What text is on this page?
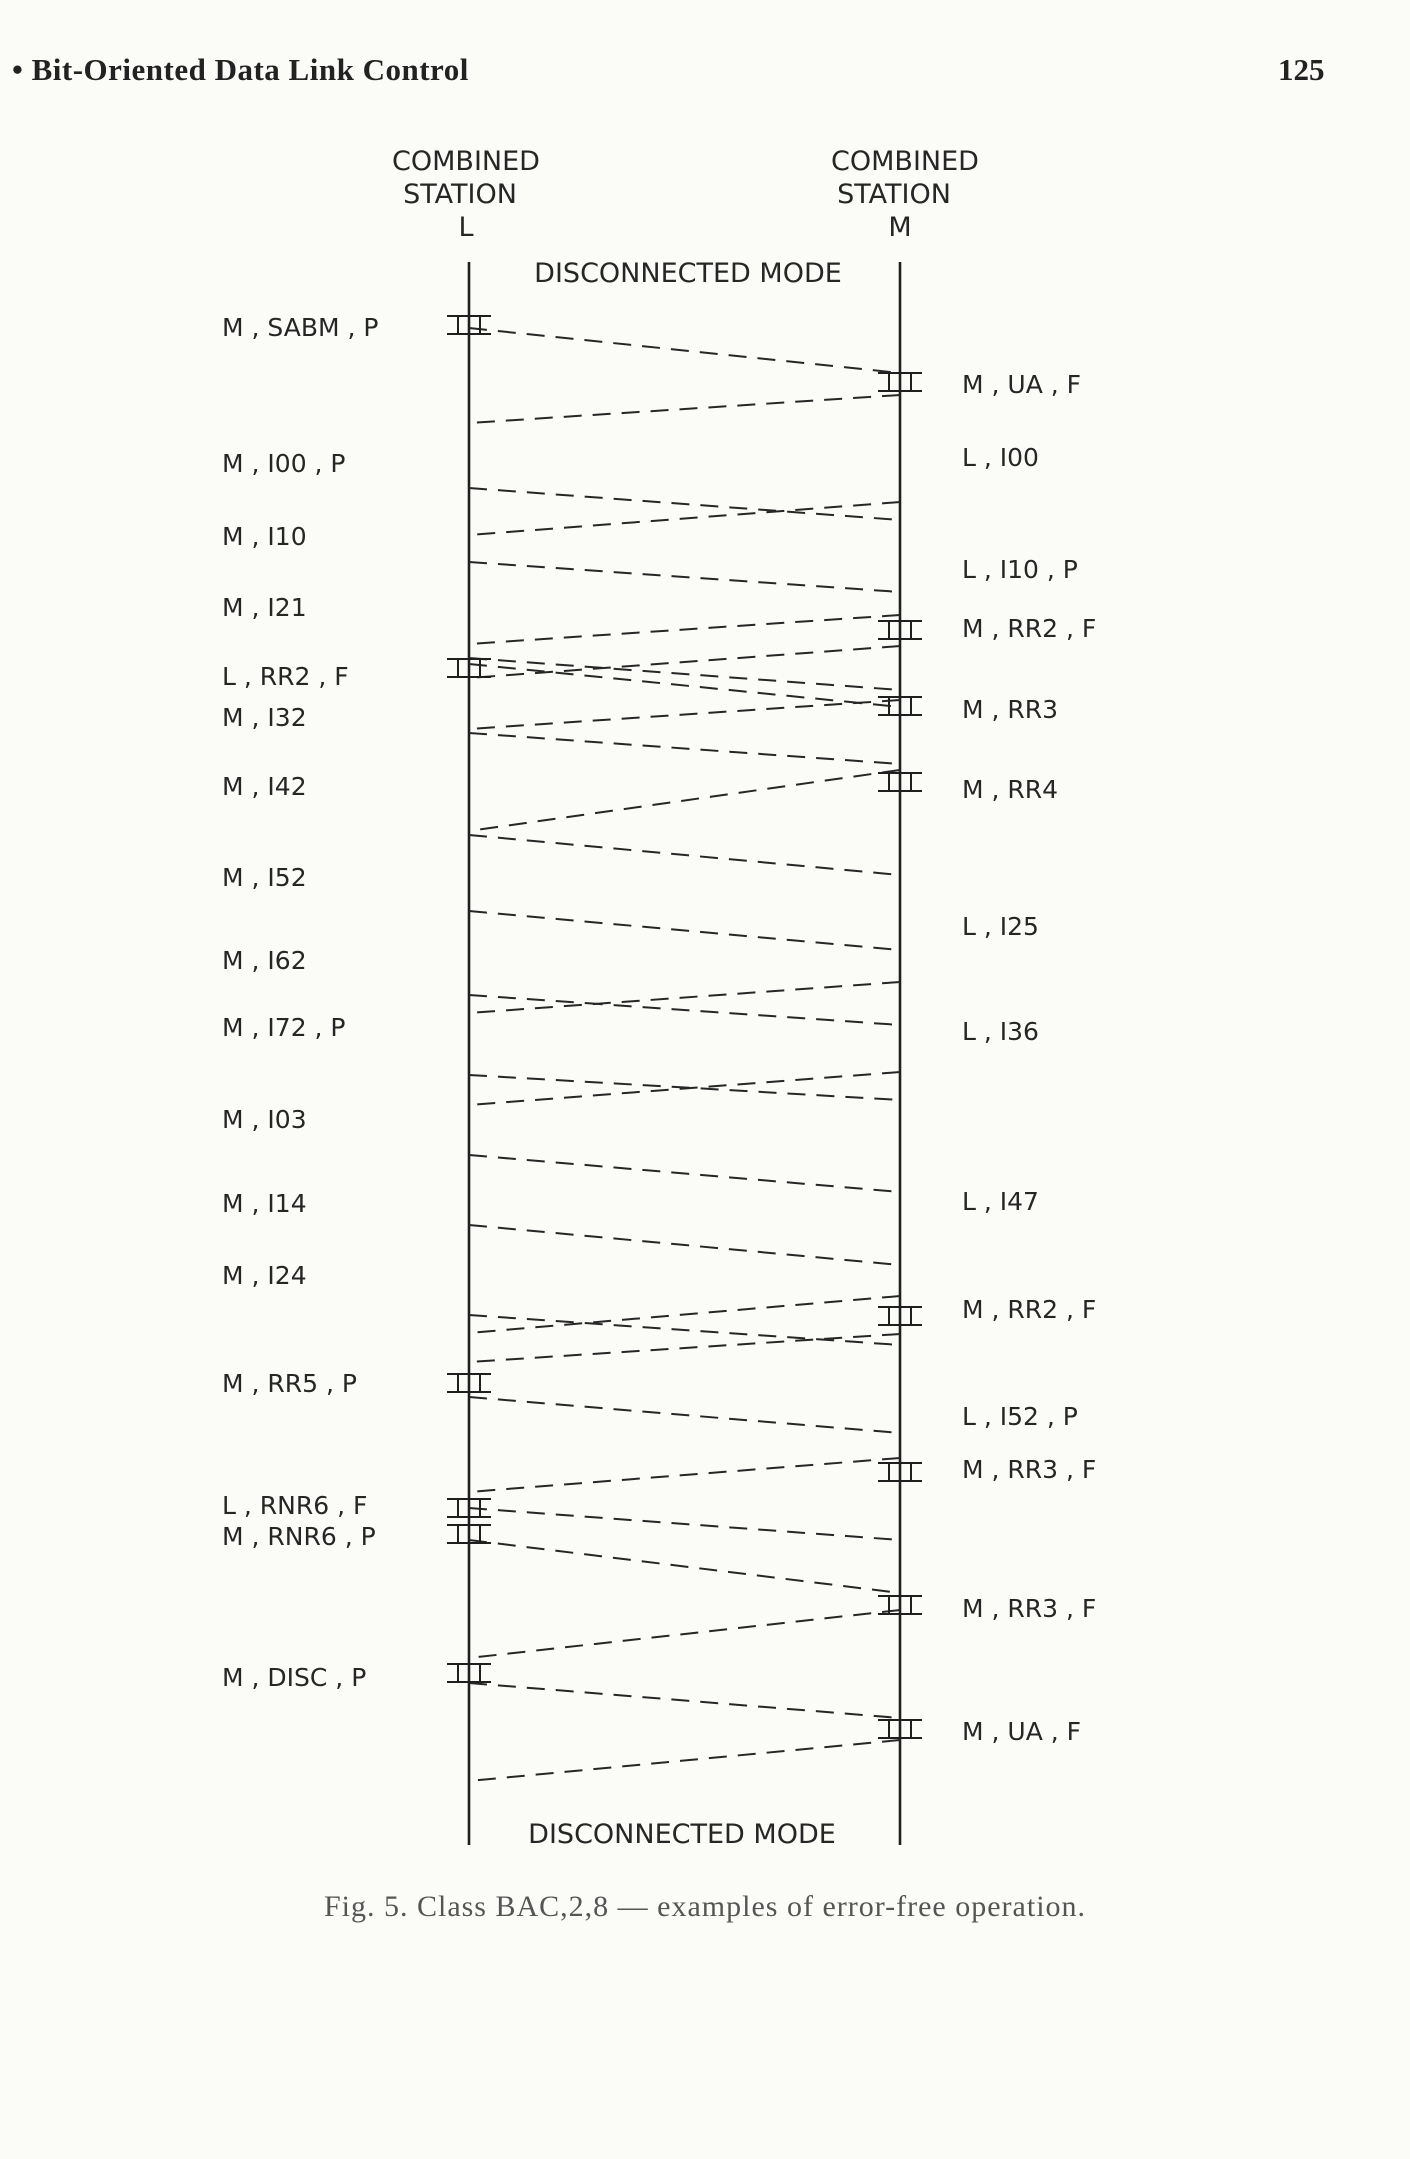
• Bit-Oriented Data Link Control	125
COMBINED
STATION
L
COMBINED
STATION
M
DISCONNECTED MODE
DISCONNECTED MODE
M , SABM , P
M , I00 , P
M , I10
M , I21
L , RR2 , F
M , I32
M , I42
M , I52
M , I62
M , I72 , P
M , I03
M , I14
M , I24
M , RR5 , P
L , RNR6 , F
M , RNR6 , P
M , DISC , P
M , UA , F
L , I00
L , I10 , P
M , RR2 , F
M , RR3
M , RR4
L , I25
L , I36
L , I47
M , RR2 , F
L , I52 , P
M , RR3 , F
M , RR3 , F
M , UA , F
Fig. 5. Class BAC,2,8 — examples of error-free operation.
